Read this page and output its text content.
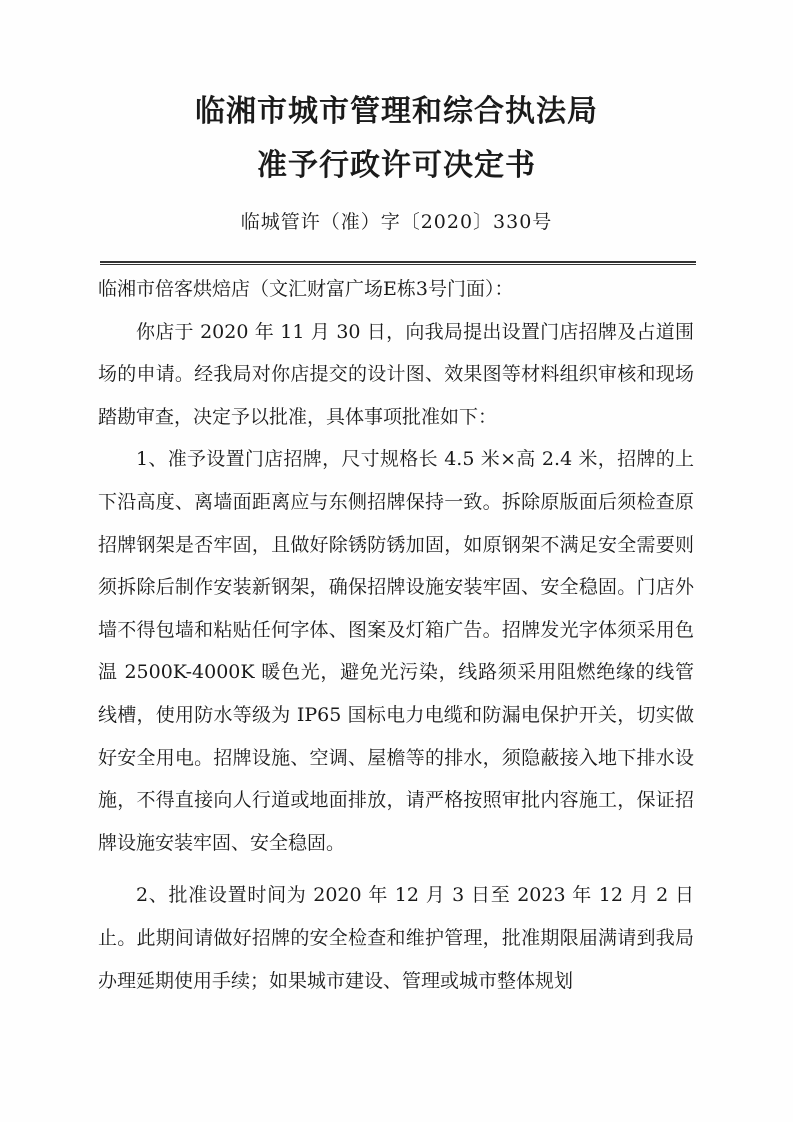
临湘市城市管理和综合执法局
准予行政许可决定书
临城管许（准）字〔2020〕330号

临湘市倍客烘焙店（文汇财富广场E栋3号门面）：

你店于 2020 年 11 月 30 日，向我局提出设置门店招牌及占道围场的申请。经我局对你店提交的设计图、效果图等材料组织审核和现场踏勘审查，决定予以批准，具体事项批准如下：

1、准予设置门店招牌，尺寸规格长 4.5 米×高 2.4 米，招牌的上下沿高度、离墙面距离应与东侧招牌保持一致。拆除原版面后须检查原招牌钢架是否牢固，且做好除锈防锈加固，如原钢架不满足安全需要则须拆除后制作安装新钢架，确保招牌设施安装牢固、安全稳固。门店外墙不得包墙和粘贴任何字体、图案及灯箱广告。招牌发光字体须采用色温 2500K-4000K 暖色光，避免光污染，线路须采用阻燃绝缘的线管线槽，使用防水等级为 IP65 国标电力电缆和防漏电保护开关，切实做好安全用电。招牌设施、空调、屋檐等的排水，须隐蔽接入地下排水设施，不得直接向人行道或地面排放，请严格按照审批内容施工，保证招牌设施安装牢固、安全稳固。

2、批准设置时间为 2020 年 12 月 3 日至 2023 年 12 月 2 日止。此期间请做好招牌的安全检查和维护管理，批准期限届满请到我局办理延期使用手续；如果城市建设、管理或城市整体规划
